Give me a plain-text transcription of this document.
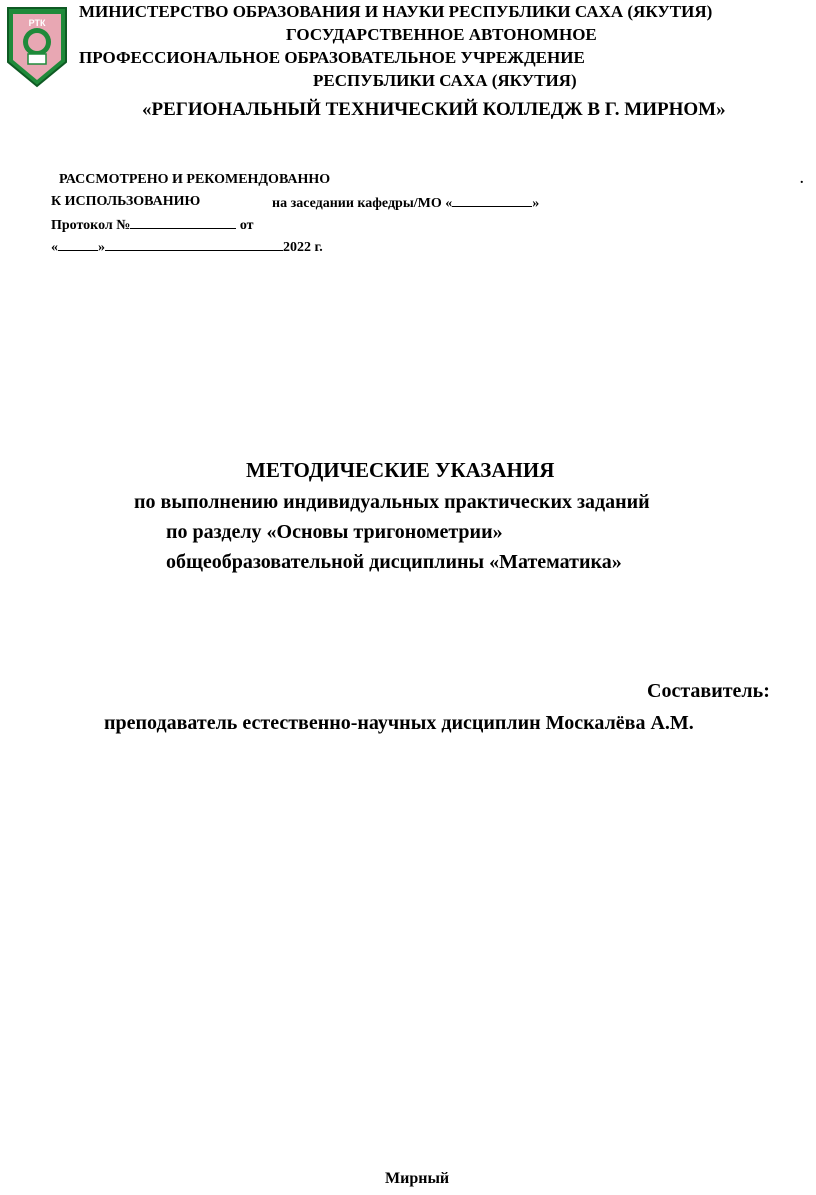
РТК
МИНИСТЕРСТВО ОБРАЗОВАНИЯ И НАУКИ РЕСПУБЛИКИ САХА (ЯКУТИЯ)
ГОСУДАРСТВЕННОЕ АВТОНОМНОЕ
ПРОФЕССИОНАЛЬНОЕ ОБРАЗОВАТЕЛЬНОЕ УЧРЕЖДЕНИЕ
РЕСПУБЛИКИ САХА (ЯКУТИЯ)
«РЕГИОНАЛЬНЫЙ ТЕХНИЧЕСКИЙ КОЛЛЕДЖ В Г. МИРНОМ»
РАССМОТРЕНО И РЕКОМЕНДОВАННО	.
К ИСПОЛЬЗОВАНИЮ	на заседании кафедры/МО «	»
Протокол №	от
«	»	2022 г.
МЕТОДИЧЕСКИЕ УКАЗАНИЯ
по выполнению индивидуальных практических заданий
по разделу «Основы тригонометрии»
общеобразовательной дисциплины «Математика»
Составитель:
преподаватель естественно-научных дисциплин Москалёва А.М.
Мирный
